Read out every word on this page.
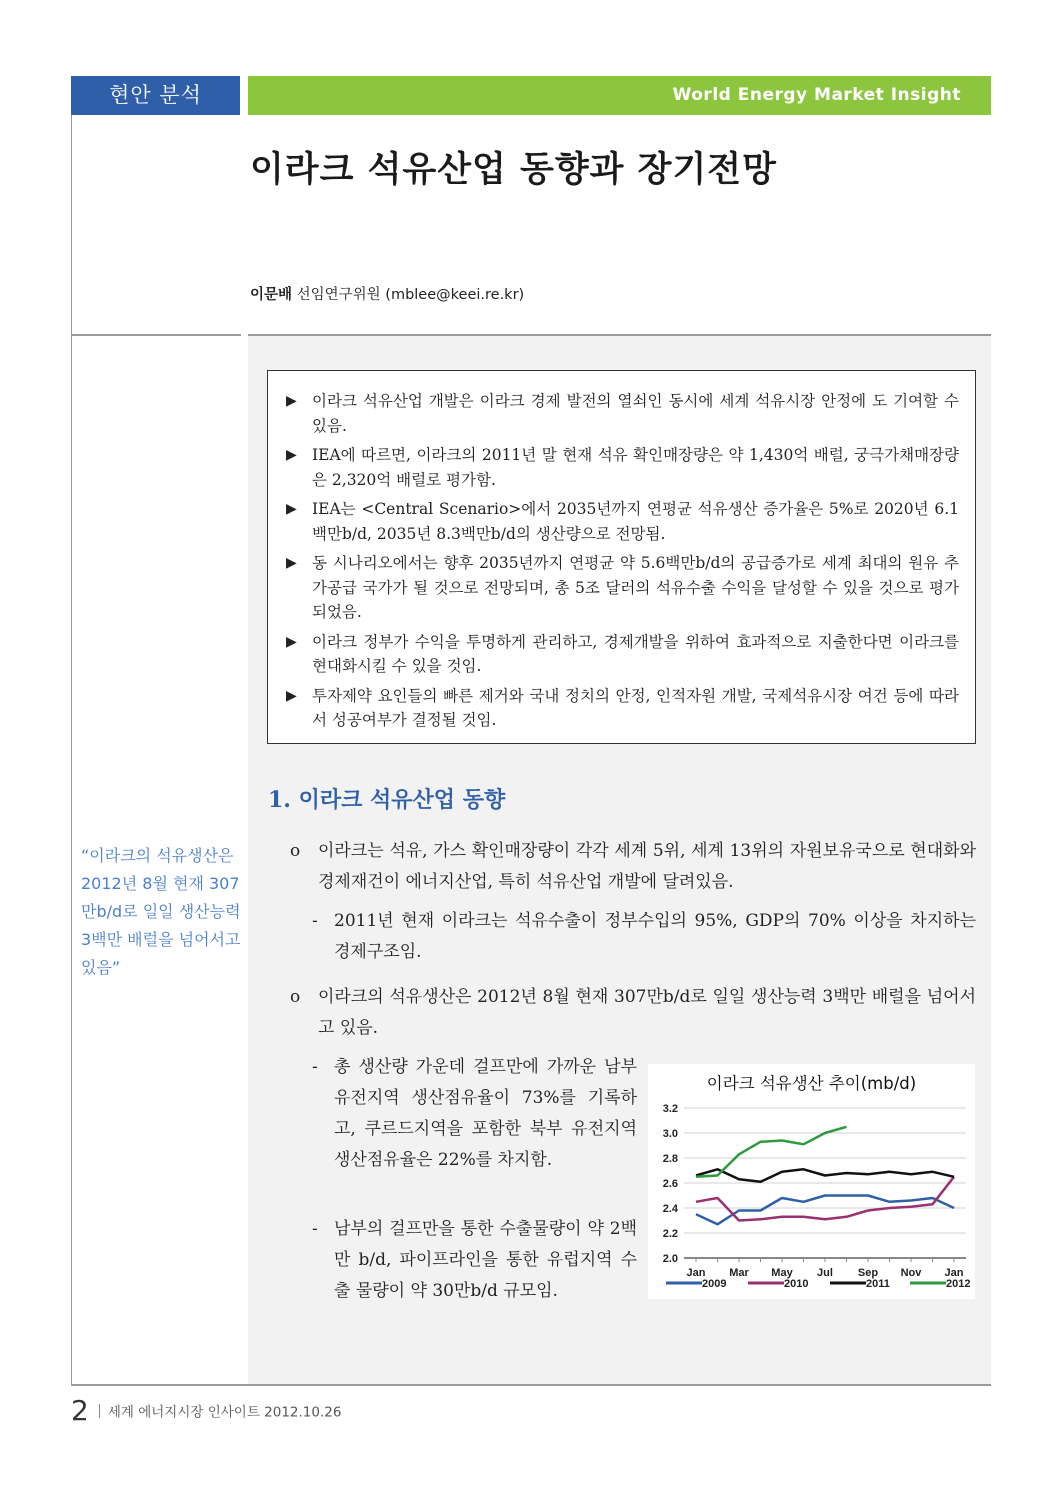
현안 분석	World Energy Market Insight
이라크 석유산업 동향과 장기전망
이문배 선임연구위원 (mblee@keei.re.kr)
▶ 이라크 석유산업 개발은 이라크 경제 발전의 열쇠인 동시에 세계 석유시장 안정에 도 기여할 수 있음.
▶ IEA에 따르면, 이라크의 2011년 말 현재 석유 확인매장량은 약 1,430억 배럴, 궁극가채매장량은 2,320억 배럴로 평가함.
▶ IEA는 <Central Scenario>에서 2035년까지 연평균 석유생산 증가율은 5%로 2020년 6.1백만b/d, 2035년 8.3백만b/d의 생산량으로 전망됨.
▶ 동 시나리오에서는 향후 2035년까지 연평균 약 5.6백만b/d의 공급증가로 세계 최대의 원유 추가공급 국가가 될 것으로 전망되며, 총 5조 달러의 석유수출 수익을 달성할 수 있을 것으로 평가되었음.
▶ 이라크 정부가 수익을 투명하게 관리하고, 경제개발을 위하여 효과적으로 지출한다면 이라크를 현대화시킬 수 있을 것임.
▶ 투자제약 요인들의 빠른 제거와 국내 정치의 안정, 인적자원 개발, 국제석유시장 여건 등에 따라서 성공여부가 결정될 것임.
1. 이라크 석유산업 동향
“이라크의 석유생산은 2012년 8월 현재 307만b/d로 일일 생산능력 3백만 배럴을 넘어서고 있음”
o 이라크는 석유, 가스 확인매장량이 각각 세계 5위, 세계 13위의 자원보유국으로 현대화와 경제재건이 에너지산업, 특히 석유산업 개발에 달려있음.
- 2011년 현재 이라크는 석유수출이 정부수입의 95%, GDP의 70% 이상을 차지하는 경제구조임.
o 이라크의 석유생산은 2012년 8월 현재 307만b/d로 일일 생산능력 3백만 배럴을 넘어서고 있음.
- 총 생산량 가운데 걸프만에 가까운 남부 유전지역 생산점유율이 73%를 기록하고, 쿠르드지역을 포함한 북부 유전지역 생산점유율은 22%를 차지함.
- 남부의 걸프만을 통한 수출물량이 약 2백만 b/d, 파이프라인을 통한 유럽지역 수출 물량이 약 30만b/d 규모임.
이라크 석유생산 추이(mb/d)
2.0
2.2
2.4
2.6
2.8
3.0
3.2
Jan Mar May Jul Sep Nov Jan
2009	2010	2011	2012
2 세계 에너지시장 인사이트 2012.10.26
